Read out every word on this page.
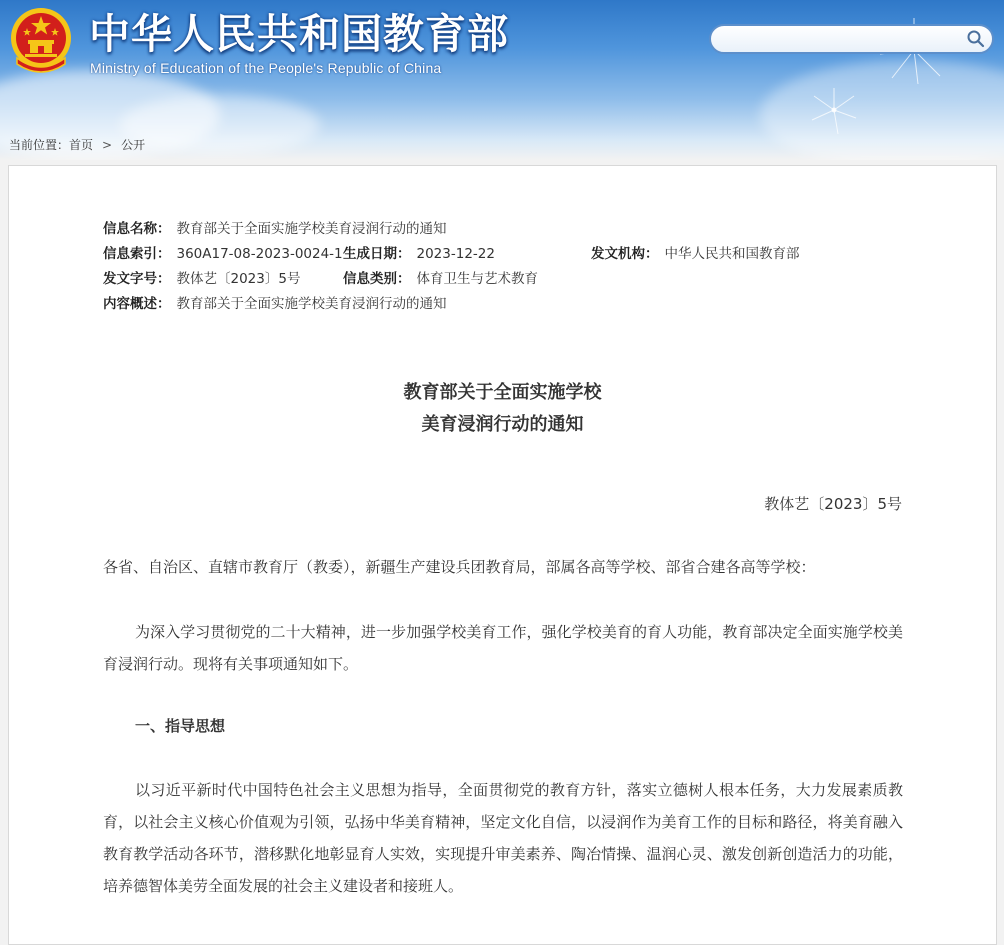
中华人民共和国教育部
Ministry of Education of the People's Republic of China
当前位置：首页 > 公开
信息名称： 教育部关于全面实施学校美育浸润行动的通知
信息索引： 360A17-08-2023-0024-1 生成日期： 2023-12-22	发文机构： 中华人民共和国教育部
发文字号： 教体艺〔2023〕5号	信息类别： 体育卫生与艺术教育
内容概述： 教育部关于全面实施学校美育浸润行动的通知
教育部关于全面实施学校
美育浸润行动的通知
教体艺〔2023〕5号
各省、自治区、直辖市教育厅（教委），新疆生产建设兵团教育局，部属各高等学校、部省合建各高等学校：
为深入学习贯彻党的二十大精神，进一步加强学校美育工作，强化学校美育的育人功能，教育部决定全面实施学校美育浸润行动。现将有关事项通知如下。
一、指导思想
以习近平新时代中国特色社会主义思想为指导，全面贯彻党的教育方针，落实立德树人根本任务，大力发展素质教育，以社会主义核心价值观为引领，弘扬中华美育精神，坚定文化自信，以浸润作为美育工作的目标和路径，将美育融入教育教学活动各环节，潜移默化地彰显育人实效，实现提升审美素养、陶冶情操、温润心灵、激发创新创造活力的功能，培养德智体美劳全面发展的社会主义建设者和接班人。
